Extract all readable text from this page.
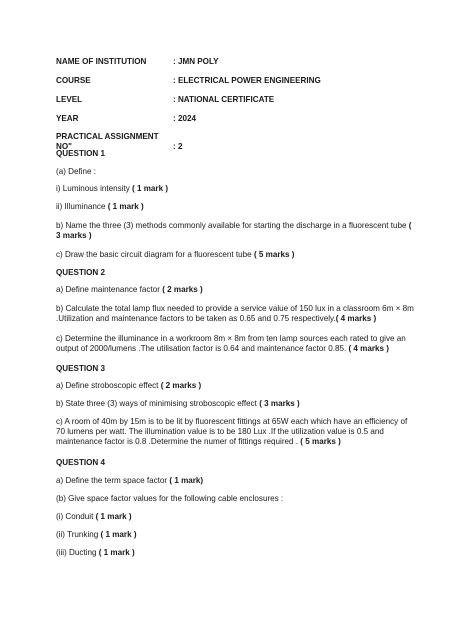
NAME OF INSTITUTION	: JMN POLY
COURSE	: ELECTRICAL POWER ENGINEERING
LEVEL	: NATIONAL CERTIFICATE
YEAR	: 2024
PRACTICAL ASSIGNMENT NO"	: 2
QUESTION 1
(a) Define :
i) Luminous intensity ( 1 mark )
ii) Illuminance ( 1 mark )
b) Name the three (3) methods commonly available for starting the discharge in a fluorescent tube ( 3 marks )
c) Draw the basic circuit diagram for a fluorescent tube ( 5 marks )
QUESTION 2
a) Define maintenance factor ( 2 marks )
b) Calculate the total lamp flux needed to provide a service value of 150 lux in a classroom 6m × 8m .Utilization and maintenance factors to be taken as 0.65 and 0.75 respectively.( 4 marks )
c) Determine the illuminance in a workroom 8m × 8m from ten lamp sources each rated to give an output of 2000/lumens .The utilisation factor is 0.64 and maintenance factor 0.85. ( 4 marks )
QUESTION 3
a) Define stroboscopic effect ( 2 marks )
b) State three (3) ways of minimising stroboscopic effect ( 3 marks )
c) A room of 40m by 15m is to be lit by fluorescent fittings at 65W each which have an efficiency of 70 lumens per watt. The illumination value is to be 180 Lux .If the utilization value is 0.5 and maintenance factor is 0.8 .Determine the numer of fittings required . ( 5 marks )
QUESTION 4
a) Define the term space factor ( 1 mark)
(b) Give space factor values for the following cable enclosures :
(i) Conduit ( 1 mark )
(ii) Trunking ( 1 mark )
(iii) Ducting ( 1 mark )
